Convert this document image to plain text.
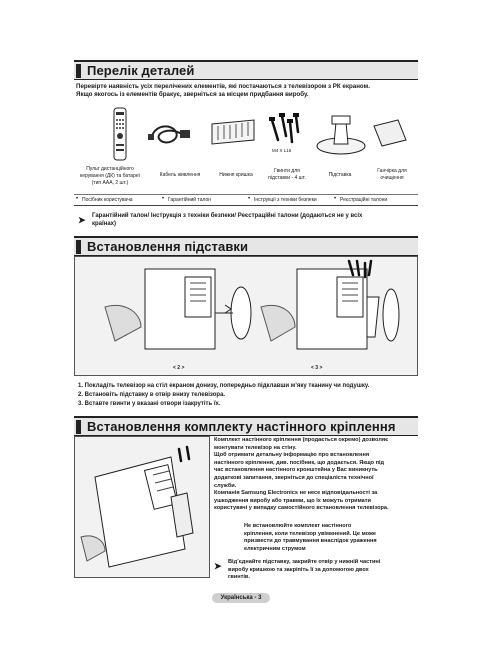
Перелік деталей
Перевірте наявність усіх перелічених елементів, які постачаються з телевізором з РК екраном.
Якщо якогось із елементів бракує, зверніться за місцем придбання виробу.
M4 X L16
Пульт дистанційного
керування (ДК) та батареї
(тип ААА, 2 шт.)
Кабель живлення	Нижня кришка
Гвинти для
підставки - 4 шт.	Підставка
Ганчірка для
очищення
• Посібник користувача	• Гарантійний талон	• Інструкції з техніки безпеки	• Реєстраційні талони
➤ Гарантійний талон/ Інструкція з техніки безпеки/ Реєстраційні талони (додаються не у всіх
країнах)
Встановлення підставки
< 2 >	< 3 >
1. Покладіть телевізор на стіл екраном донизу, попередньо підклавши м’яку тканину чи подушку.
2. Встановіть підставку в отвір внизу телевізора.
3. Вставте гвинти у вказані отвори ізакрутіть їх.
Встановлення комплекту настінного кріплення
Комплект настінного кріплення (продається окремо) дозволяє
монтувати телевізор на стіну.
Щоб отримати детальну інформацію про встановлення
настінного кріплення, див. посібник, що додається. Якщо під
час встановлення настінного кронштейна у Вас виникнуть
додаткові запитання, зверніться до спеціаліста технічної
служби.
Компанія Samsung Electronics не несе відповідальності за
ушкодження виробу або травми, що їх можуть отримати
користувачі у випадку самостійного встановлення телевізора.
Не встановлюйте комплект настінного
кріплення, коли телевізор увімкнений. Це може
призвести до травмування внаслідок ураження
електричним струмом
➤ Від’єднайте підставку, закрийте отвір у нижній частині
виробу кришкою та закріпіть її за допомогою двох
гвинтів.
Українська - 3
